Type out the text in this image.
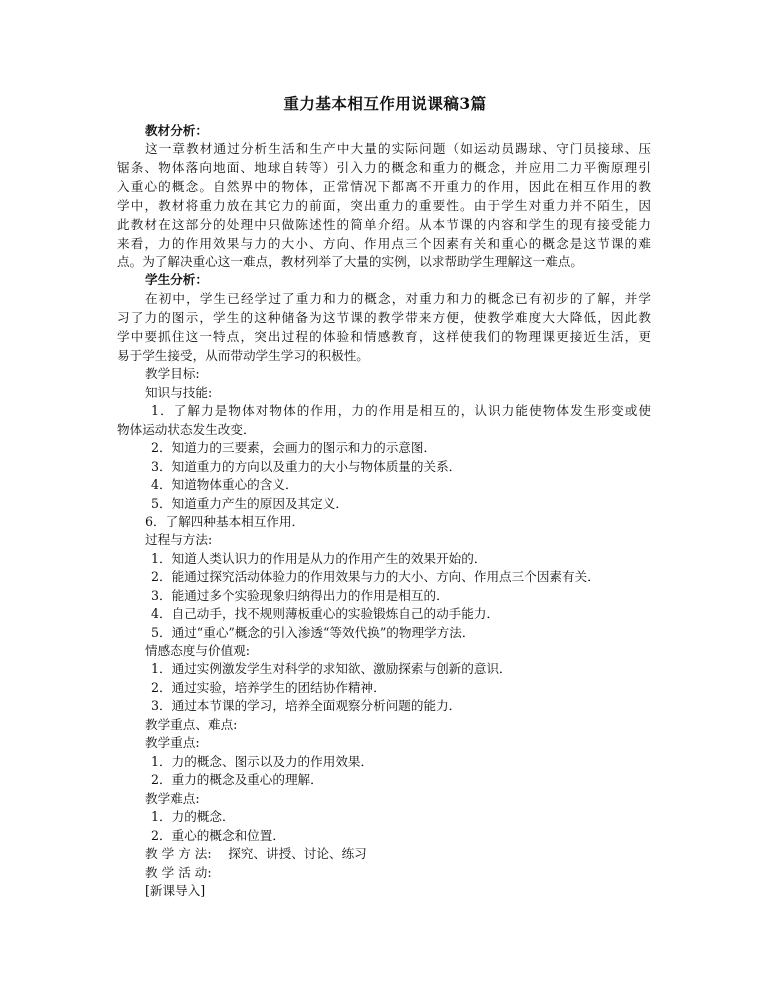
重力基本相互作用说课稿3篇
教材分析：
这一章教材通过分析生活和生产中大量的实际问题（如运动员踢球、守门员接球、压
锯条、物体落向地面、地球自转等）引入力的概念和重力的概念，并应用二力平衡原理引
入重心的概念。自然界中的物体，正常情况下都离不开重力的作用，因此在相互作用的教
学中，教材将重力放在其它力的前面，突出重力的重要性。由于学生对重力并不陌生，因
此教材在这部分的处理中只做陈述性的简单介绍。从本节课的内容和学生的现有接受能力
来看，力的作用效果与力的大小、方向、作用点三个因素有关和重心的概念是这节课的难
点。为了解决重心这一难点，教材列举了大量的实例，以求帮助学生理解这一难点。
学生分析：
在初中，学生已经学过了重力和力的概念，对重力和力的概念已有初步的了解，并学
习了力的图示，学生的这种储备为这节课的教学带来方便，使教学难度大大降低，因此教
学中要抓住这一特点，突出过程的体验和情感教育，这样使我们的物理课更接近生活，更
易于学生接受，从而带动学生学习的积极性。
教学目标:
知识与技能:
1．了解力是物体对物体的作用，力的作用是相互的，认识力能使物体发生形变或使
物体运动状态发生改变．
2．知道力的三要素，会画力的图示和力的示意图．
3．知道重力的方向以及重力的大小与物体质量的关系．
4．知道物体重心的含义．
5．知道重力产生的原因及其定义．
6．了解四种基本相互作用．
过程与方法:
1．知道人类认识力的作用是从力的作用产生的效果开始的．
2．能通过探究活动体验力的作用效果与力的大小、方向、作用点三个因素有关．
3．能通过多个实验现象归纳得出力的作用是相互的．
4．自己动手，找不规则薄板重心的实验锻炼自己的动手能力．
5．通过“重心”概念的引入渗透“等效代换”的物理学方法．
情感态度与价值观:
1．通过实例激发学生对科学的求知欲、激励探索与创新的意识．
2．通过实验，培养学生的团结协作精神．
3．通过本节课的学习，培养全面观察分析问题的能力．
教学重点、难点:
教学重点:
1．力的概念、图示以及力的作用效果．
2．重力的概念及重心的理解．
教学难点:
1．力的概念．
2．重心的概念和位置．
教 学 方 法:　 探究、讲授、讨论、练习
教 学 活 动:
[新课导入]
